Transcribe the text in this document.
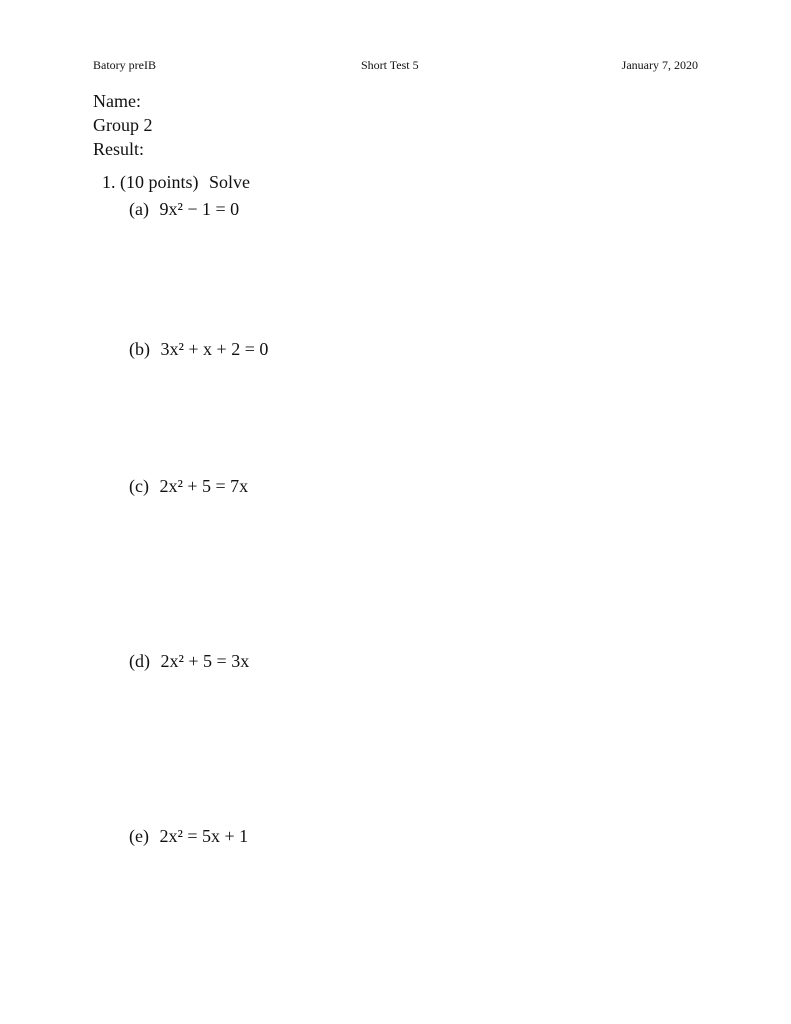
Batory preIB	Short Test 5	January 7, 2020
Name:
Group 2
Result:
1. (10 points) Solve
(a) 9x² − 1 = 0
(b) 3x² + x + 2 = 0
(c) 2x² + 5 = 7x
(d) 2x² + 5 = 3x
(e) 2x² = 5x + 1
